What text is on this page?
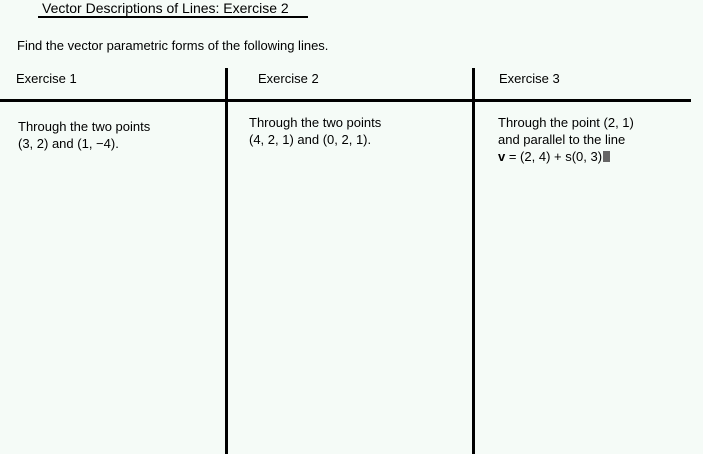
Vector Descriptions of Lines: Exercise 2
Find the vector parametric forms of the following lines.
Exercise 1	Exercise 2	Exercise 3
Through the two points
(3, 2) and (1, −4).
Through the two points
(4, 2, 1) and (0, 2, 1).
Through the point (2, 1)
and parallel to the line
v = (2, 4) + s(0, 3)
